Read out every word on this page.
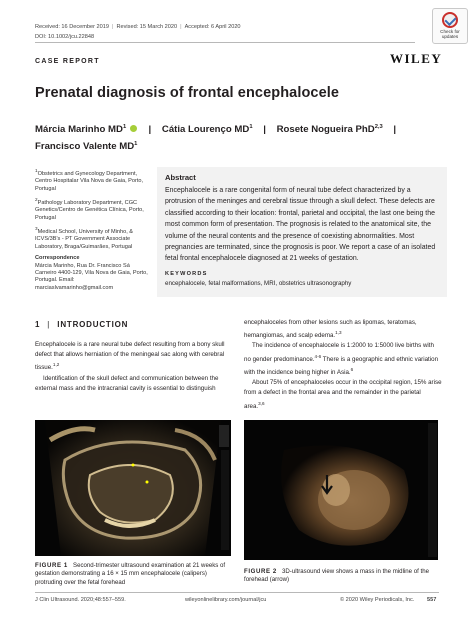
Received: 16 December 2019 | Revised: 15 March 2020 | Accepted: 6 April 2020
DOI: 10.1002/jcu.22848
Check for
updates
CASE REPORT	WILEY
Prenatal diagnosis of frontal encephalocele
Márcia Marinho $MD^1$ | Cátia Lourenço $MD^1$ | Rosete Nogueira PhD$^{2,3}$ |
Francisco Valente $MD^1$

$^1$Obstetrics and Gynecology Department, Centro Hospitalar Vila Nova de Gaia, Porto, Portugal

$^2$Pathology Laboratory Department, CGC Genetics/Centro de Genética Clínica, Porto, Portugal

$^3$Medical School, University of Minho, & ICVS/3B's - PT Government Associate Laboratory, Braga/Guimarães, Portugal

Correspondence
Márcia Marinho, Rua Dr. Francisco Sá Carneiro 4400-129, Vila Nova de Gaia, Porto, Portugal. Email: marciaslvamarinho@gmail.com
Abstract

Encephalocele is a rare congenital form of neural tube defect characterized by a protrusion of the meninges and cerebral tissue through a skull defect. These defects are classified according to their location: frontal, parietal and occipital, the last one being the most common form of presentation. The prognosis is related to the anatomical site, the volume of the neural contents and the presence of coexisting abnormalities. Most pregnancies are terminated, since the prognosis is poor. We report a case of an isolated fetal frontal encephalocele diagnosed at 21 weeks of gestation.

KEYWORDS
encephalocele, fetal malformations, MRI, obstetrics ultrasonography
1 | INTRODUCTION

Encephalocele is a rare neural tube defect resulting from a bony skull defect that allows herniation of the meningeal sac along with cerebral tissue.$^{1,2}$

Identification of the skull defect and communication between the external mass and the intracranial cavity is essential to distinguish

encephaloceles from other lesions such as lipomas, teratomas, hemangiomas, and scalp edema.$^{1,3}$

The incidence of encephalocele is 1:2000 to 1:5000 live births with no gender predominance.$^{4-6}$ There is a geographic and ethnic variation with the incidence being higher in Asia.$^6$

About 75% of encephaloceles occur in the occipital region, 15% arise from a defect in the frontal area and the remainder in the parietal area.$^{3,6}$

FIGURE 1 Second-trimester ultrasound examination at 21 weeks of gestation demonstrating a 16 × 15 mm encephalocele (calipers) protruding over the fetal forehead
FIGURE 2 3D-ultrasound view shows a mass in the midline of the forehead (arrow)
J Clin Ultrasound. 2020;48:557–559.	wileyonlinelibrary.com/journal/jcu	© 2020 Wiley Periodicals, Inc. 557
